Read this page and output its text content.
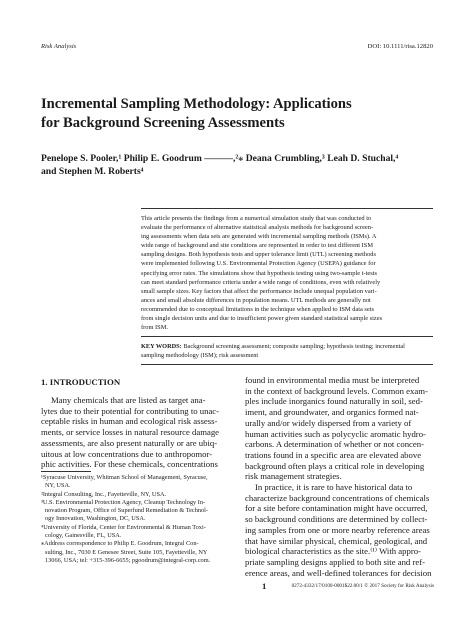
Risk Analysis	DOI: 10.1111/risa.12820
Incremental Sampling Methodology: Applications
for Background Screening Assessments
Penelope S. Pooler,¹ Philip E. Goodrum ———,²⁎ Deana Crumbling,³ Leah D. Stuchal,⁴
and Stephen M. Roberts⁴
This article presents the findings from a numerical simulation study that was conducted to
evaluate the performance of alternative statistical analysis methods for background screen-
ing assessments when data sets are generated with incremental sampling methods (ISMs). A
wide range of background and site conditions are represented in order to test different ISM
sampling designs. Both hypothesis tests and upper tolerance limit (UTL) screening methods
were implemented following U.S. Environmental Protection Agency (USEPA) guidance for
specifying error rates. The simulations show that hypothesis testing using two-sample t-tests
can meet standard performance criteria under a wide range of conditions, even with relatively
small sample sizes. Key factors that affect the performance include unequal population vari-
ances and small absolute differences in population means. UTL methods are generally not
recommended due to conceptual limitations in the technique when applied to ISM data sets
from single decision units and due to insufficient power given standard statistical sample sizes
from ISM.
KEY WORDS: Background screening assessment; composite sampling; hypothesis testing; incremental
sampling methodology (ISM); risk assessment
1. INTRODUCTION
Many chemicals that are listed as target ana-
lytes due to their potential for contributing to unac-
ceptable risks in human and ecological risk assess-
ments, or service losses in natural resource damage
assessments, are also present naturally or are ubiq-
uitous at low concentrations due to anthropomor-
phic activities. For these chemicals, concentrations
¹Syracuse University, Whitman School of Management, Syracuse,
NY, USA.
²Integral Consulting, Inc., Fayetteville, NY, USA.
³U.S. Environmental Protection Agency, Cleanup Technology In-
novation Program, Office of Superfund Remediation & Technol-
ogy Innovation, Washington, DC, USA.
⁴University of Florida, Center for Environmental & Human Toxi-
cology, Gainesville, FL, USA.
⁎Address correspondence to Philip E. Goodrum, Integral Con-
sulting, Inc., 7030 E Genesee Street, Suite 105, Fayetteville, NY
13066, USA; tel: +315-396-6655; pgoodrum@integral-corp.com.
found in environmental media must be interpreted
in the context of background levels. Common exam-
ples include inorganics found naturally in soil, sed-
iment, and groundwater, and organics formed nat-
urally and/or widely dispersed from a variety of
human activities such as polycyclic aromatic hydro-
carbons. A determination of whether or not concen-
trations found in a specific area are elevated above
background often plays a critical role in developing
risk management strategies.
In practice, it is rare to have historical data to
characterize background concentrations of chemicals
for a site before contamination might have occurred,
so background conditions are determined by collect-
ing samples from one or more nearby reference areas
that have similar physical, chemical, geological, and
biological characteristics as the site.⁽¹⁾ With appro-
priate sampling designs applied to both site and ref-
erence areas, and well-defined tolerances for decision
1	0272-4332/17/0100-0001$22.00/1 © 2017 Society for Risk Analysis
